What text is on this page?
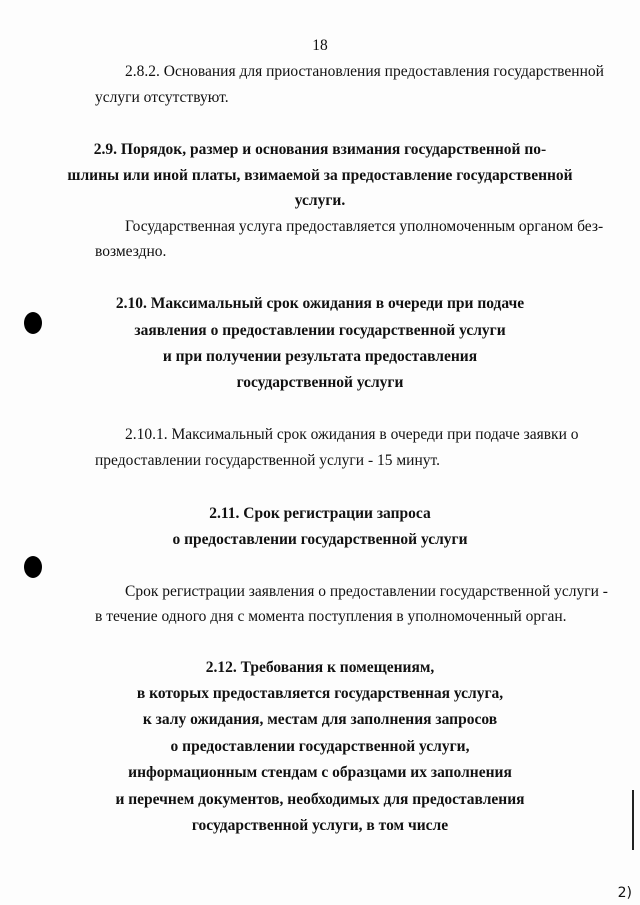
18
2.8.2. Основания для приостановления предоставления государственной
услуги отсутствуют.
2.9. Порядок, размер и основания взимания государственной по-
шлины или иной платы, взимаемой за предоставление государственной
услуги.
Государственная услуга предоставляется уполномоченным органом без-
возмездно.
2.10. Максимальный срок ожидания в очереди при подаче
заявления о предоставлении государственной услуги
и при получении результата предоставления
государственной услуги
2.10.1. Максимальный срок ожидания в очереди при подаче заявки о
предоставлении государственной услуги - 15 минут.
2.11. Срок регистрации запроса
о предоставлении государственной услуги
Срок регистрации заявления о предоставлении государственной услуги -
в течение одного дня с момента поступления в уполномоченный орган.
2.12. Требования к помещениям,
в которых предоставляется государственная услуга,
к залу ожидания, местам для заполнения запросов
о предоставлении государственной услуги,
информационным стендам с образцами их заполнения
и перечнем документов, необходимых для предоставления
государственной услуги, в том числе
2)
